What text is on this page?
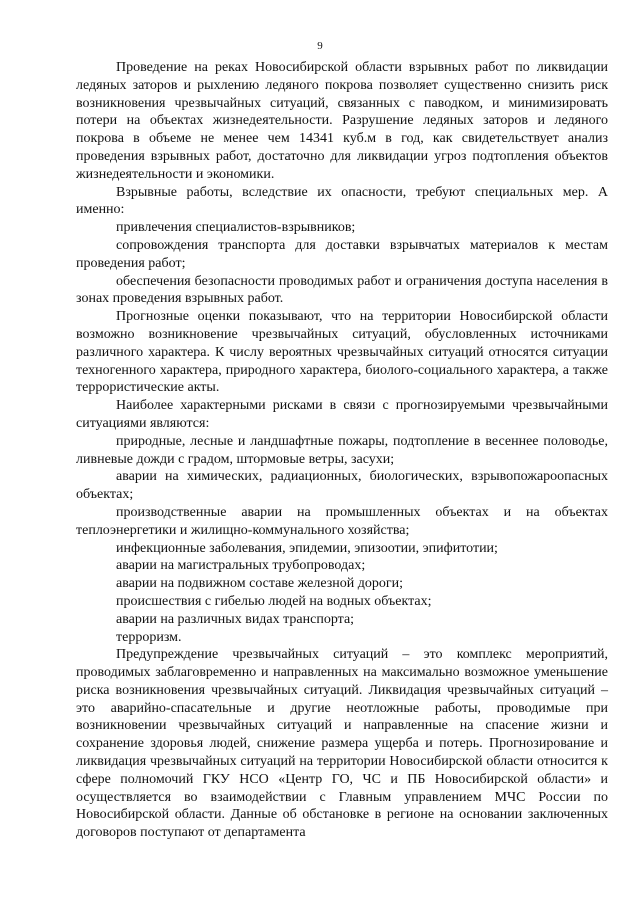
9

Проведение на реках Новосибирской области взрывных работ по ликвидации ледяных заторов и рыхлению ледяного покрова позволяет существенно снизить риск возникновения чрезвычайных ситуаций, связанных с паводком, и минимизировать потери на объектах жизнедеятельности. Разрушение ледяных заторов и ледяного покрова в объеме не менее чем 14341 куб.м в год, как свидетельствует анализ проведения взрывных работ, достаточно для ликвидации угроз подтопления объектов жизнедеятельности и экономики.

Взрывные работы, вследствие их опасности, требуют специальных мер. А именно:

привлечения специалистов-взрывников;

сопровождения транспорта для доставки взрывчатых материалов к местам проведения работ;

обеспечения безопасности проводимых работ и ограничения доступа населения в зонах проведения взрывных работ.

Прогнозные оценки показывают, что на территории Новосибирской области возможно возникновение чрезвычайных ситуаций, обусловленных источниками различного характера. К числу вероятных чрезвычайных ситуаций относятся ситуации техногенного характера, природного характера, биолого-социального характера, а также террористические акты.

Наиболее характерными рисками в связи с прогнозируемыми чрезвычайными ситуациями являются:

природные, лесные и ландшафтные пожары, подтопление в весеннее половодье, ливневые дожди с градом, штормовые ветры, засухи;

аварии на химических, радиационных, биологических, взрывопожароопасных объектах;

производственные аварии на промышленных объектах и на объектах теплоэнергетики и жилищно-коммунального хозяйства;

инфекционные заболевания, эпидемии, эпизоотии, эпифитотии;

аварии на магистральных трубопроводах;

аварии на подвижном составе железной дороги;

происшествия с гибелью людей на водных объектах;

аварии на различных видах транспорта;

терроризм.

Предупреждение чрезвычайных ситуаций – это комплекс мероприятий, проводимых заблаговременно и направленных на максимально возможное уменьшение риска возникновения чрезвычайных ситуаций. Ликвидация чрезвычайных ситуаций – это аварийно-спасательные и другие неотложные работы, проводимые при возникновении чрезвычайных ситуаций и направленные на спасение жизни и сохранение здоровья людей, снижение размера ущерба и потерь. Прогнозирование и ликвидация чрезвычайных ситуаций на территории Новосибирской области относится к сфере полномочий ГКУ НСО «Центр ГО, ЧС и ПБ Новосибирской области» и осуществляется во взаимодействии с Главным управлением МЧС России по Новосибирской области. Данные об обстановке в регионе на основании заключенных договоров поступают от департамента
